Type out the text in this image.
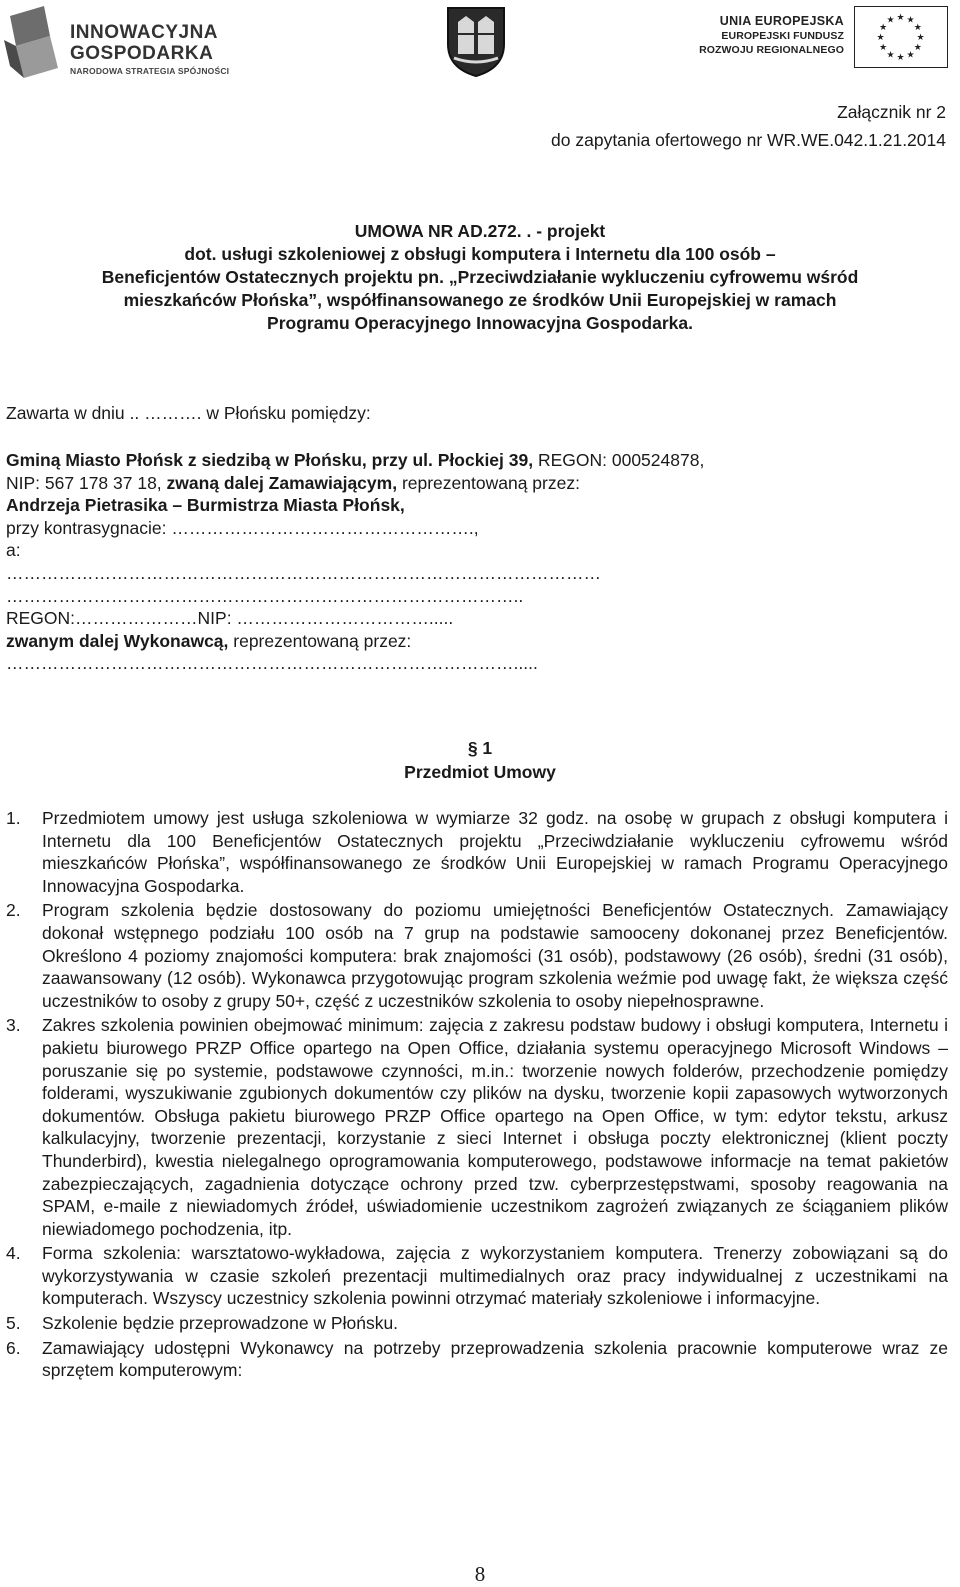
INNOWACYJNA
GOSPODARKA
NARODOWA STRATEGIA SPÓJNOŚCI
UNIA EUROPEJSKA
EUROPEJSKI FUNDUSZ
ROZWOJU REGIONALNEGO
★ ★
★
★
★
★
★
★
★
★
★
★
Załącznik nr 2
do zapytania ofertowego nr WR.WE.042.1.21.2014
UMOWA NR AD.272. . - projekt
dot. usługi szkoleniowej z obsługi komputera i Internetu dla 100 osób –
Beneficjentów Ostatecznych projektu pn. „Przeciwdziałanie wykluczeniu cyfrowemu wśród
mieszkańców Płońska”, współfinansowanego ze środków Unii Europejskiej w ramach
Programu Operacyjnego Innowacyjna Gospodarka.
Zawarta w dniu .. ………. w Płońsku pomiędzy:
Gminą Miasto Płońsk z siedzibą w Płońsku, przy ul. Płockiej 39, REGON: 000524878,
NIP: 567 178 37 18, zwaną dalej Zamawiającym, reprezentowaną przez:
Andrzeja Pietrasika – Burmistrza Miasta Płońsk,
przy kontrasygnacie: …………………………………………….,
a:
…………………………………………………………………………………………
……………………………………………………………………………..
REGON:…………………NIP: …………………………….....
zwanym dalej Wykonawcą, reprezentowaną przez:
…………………………………………………………………………….....
§ 1
Przedmiot Umowy
1. Przedmiotem umowy jest usługa szkoleniowa w wymiarze 32 godz. na osobę w grupach z obsługi komputera i Internetu dla 100 Beneficjentów Ostatecznych projektu „Przeciwdziałanie wykluczeniu cyfrowemu wśród mieszkańców Płońska”, współfinansowanego ze środków Unii Europejskiej w ramach Programu Operacyjnego Innowacyjna Gospodarka.
2. Program szkolenia będzie dostosowany do poziomu umiejętności Beneficjentów Ostatecznych. Zamawiający dokonał wstępnego podziału 100 osób na 7 grup na podstawie samooceny dokonanej przez Beneficjentów. Określono 4 poziomy znajomości komputera: brak znajomości (31 osób), podstawowy (26 osób), średni (31 osób), zaawansowany (12 osób). Wykonawca przygotowując program szkolenia weźmie pod uwagę fakt, że większa część uczestników to osoby z grupy 50+, część z uczestników szkolenia to osoby niepełnosprawne.
3. Zakres szkolenia powinien obejmować minimum: zajęcia z zakresu podstaw budowy i obsługi komputera, Internetu i pakietu biurowego PRZP Office opartego na Open Office, działania systemu operacyjnego Microsoft Windows – poruszanie się po systemie, podstawowe czynności, m.in.: tworzenie nowych folderów, przechodzenie pomiędzy folderami, wyszukiwanie zgubionych dokumentów czy plików na dysku, tworzenie kopii zapasowych wytworzonych dokumentów. Obsługa pakietu biurowego PRZP Office opartego na Open Office, w tym: edytor tekstu, arkusz kalkulacyjny, tworzenie prezentacji, korzystanie z sieci Internet i obsługa poczty elektronicznej (klient poczty Thunderbird), kwestia nielegalnego oprogramowania komputerowego, podstawowe informacje na temat pakietów zabezpieczających, zagadnienia dotyczące ochrony przed tzw. cyberprzestępstwami, sposoby reagowania na SPAM, e-maile z niewiadomych źródeł, uświadomienie uczestnikom zagrożeń związanych ze ściąganiem plików niewiadomego pochodzenia, itp.
4. Forma szkolenia: warsztatowo-wykładowa, zajęcia z wykorzystaniem komputera. Trenerzy zobowiązani są do wykorzystywania w czasie szkoleń prezentacji multimedialnych oraz pracy indywidualnej z uczestnikami na komputerach. Wszyscy uczestnicy szkolenia powinni otrzymać materiały szkoleniowe i informacyjne.
5. Szkolenie będzie przeprowadzone w Płońsku.
6. Zamawiający udostępni Wykonawcy na potrzeby przeprowadzenia szkolenia pracownie komputerowe wraz ze sprzętem komputerowym:
8
